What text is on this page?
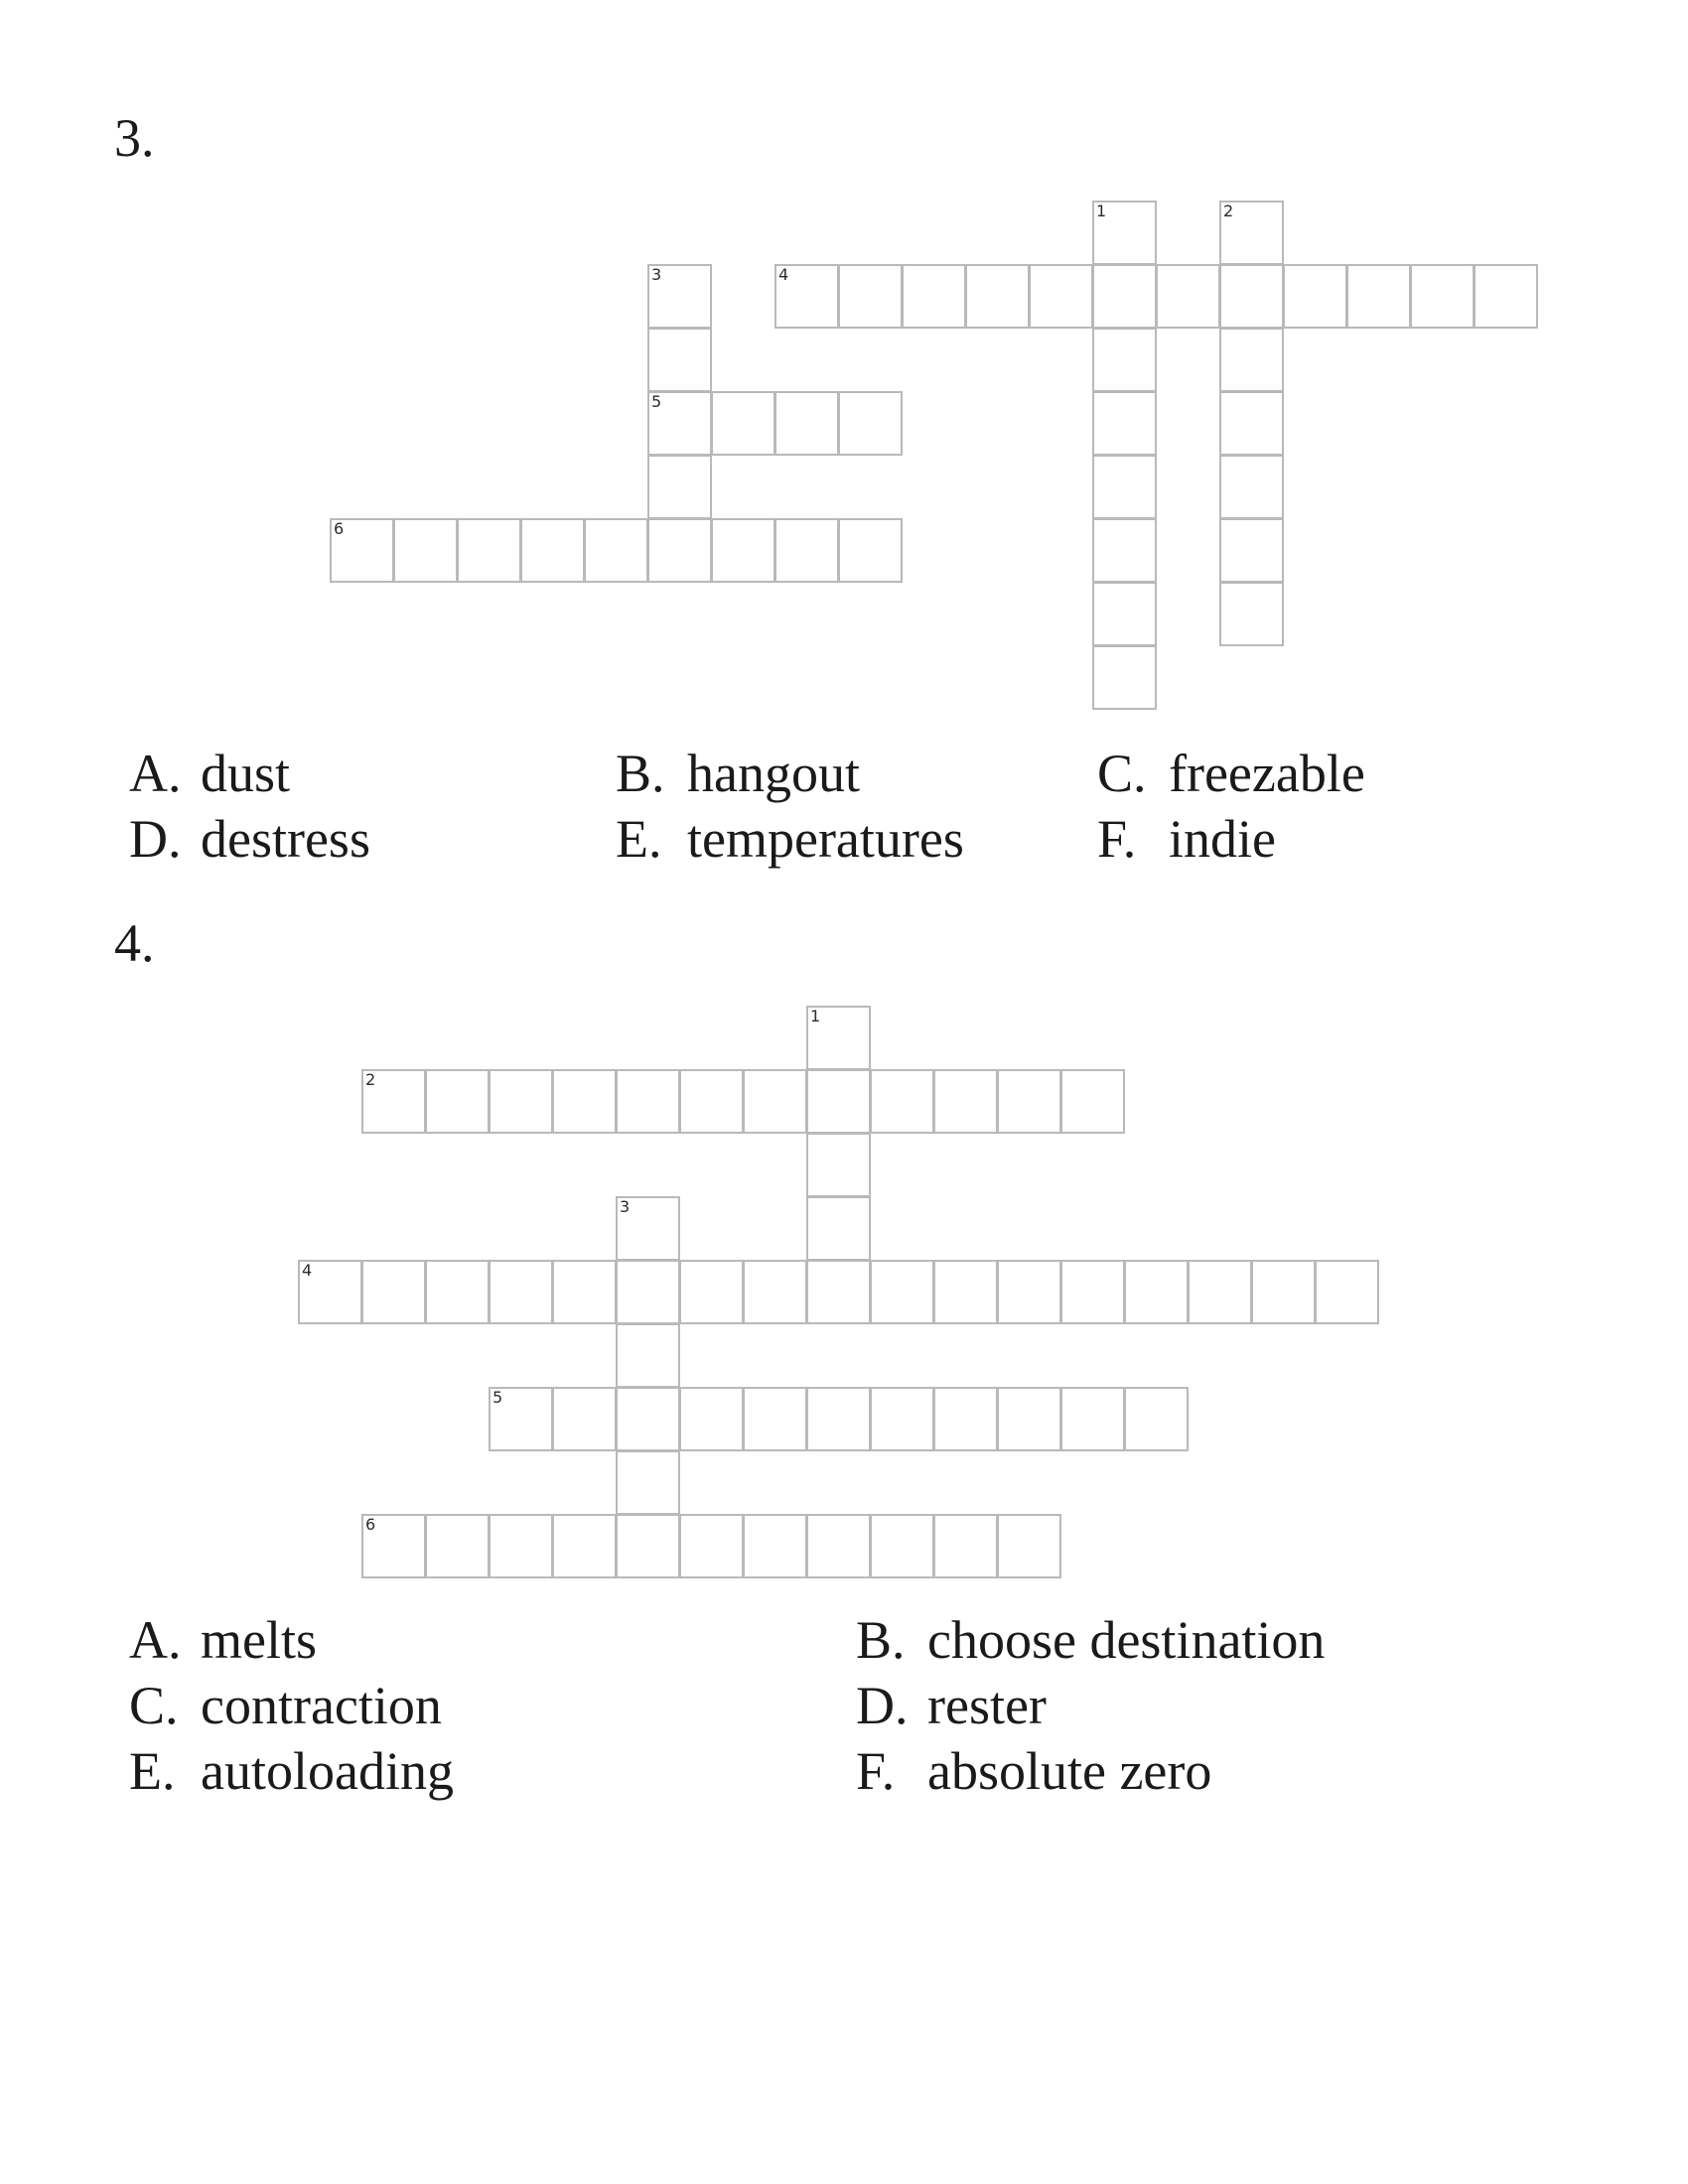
3.
1	2
3
5
4
6
A. dust	B. hangout	C. freezable
D. destress	E. temperatures F. indie
4.
1
2
3
4
5
6
A. melts	B. choose destination
C. contraction	D. rester
E. autoloading	F. absolute zero
